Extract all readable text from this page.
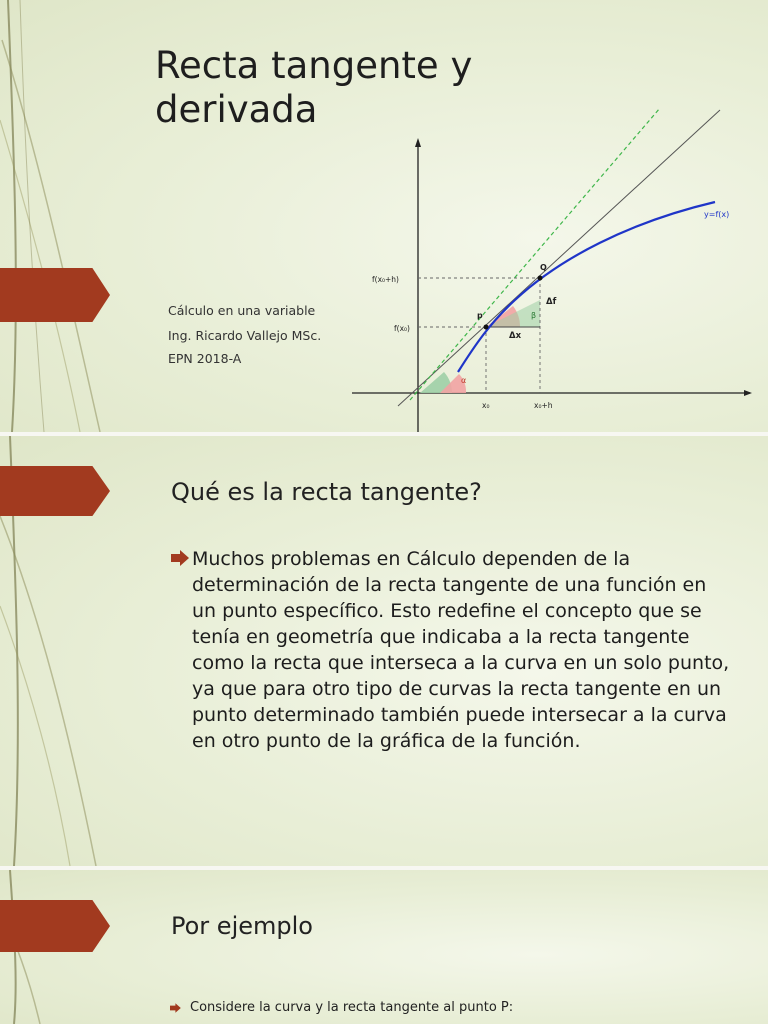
Recta tangente y derivada
Cálculo en una variable
Ing. Ricardo Vallejo MSc.
EPN 2018-A
y=f(x)
f(x₀+h)
f(x₀)
p
Q
Δf
Δx
x₀	x₀+h
α
β
Qué es la recta tangente?
Muchos problemas en Cálculo dependen de la determinación de la recta tangente de una función en un punto específico. Esto redefine el concepto que se tenía en geometría que indicaba a la recta tangente como la recta que interseca a la curva en un solo punto, ya que para otro tipo de curvas la recta tangente en un punto determinado también puede intersecar a la curva en otro punto de la gráfica de la función.
Por ejemplo
Considere la curva y la recta tangente al punto P:
